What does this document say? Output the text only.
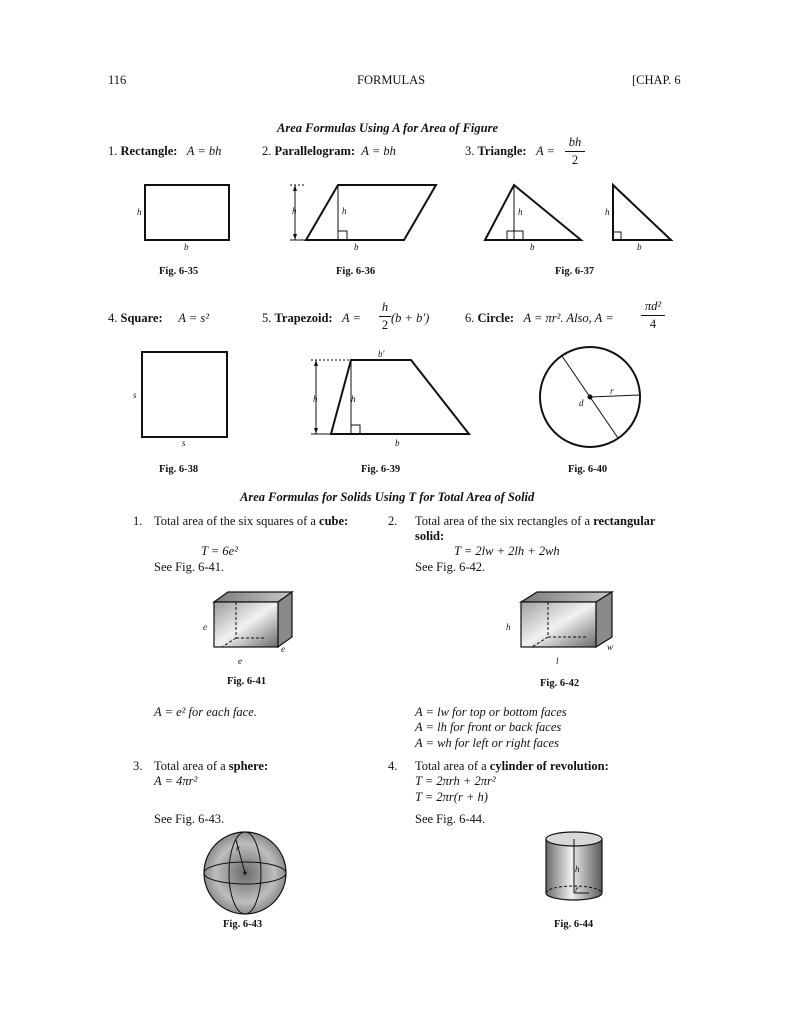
116	FORMULAS	[CHAP. 6
Area Formulas Using A for Area of Figure
1. Rectangle: A = bh	2. Parallelogram: A = bh	3. Triangle: A =
bh
2
h
b
Fig. 6-35
h	h
b
Fig. 6-36
h
b
h
b
Fig. 6-37
4. Square: A = s²	5. Trapezoid: A =
h
2 (b + b′)	6. Circle: A = πr². Also, A =
πd²
4
s
s
Fig. 6-38
b′
h	h
b
Fig. 6-39
r
d
Fig. 6-40
Area Formulas for Solids Using T for Total Area of Solid
1. Total area of the six squares of a cube:
T = 6e²
See Fig. 6-41.
2. Total area of the six rectangles of a rectangular
solid:
T = 2lw + 2lh + 2wh
See Fig. 6-42.
e
e
e
Fig. 6-41
h
l
w
Fig. 6-42
A = e² for each face.	A = lw for top or bottom faces
A = lh for front or back faces
A = wh for left or right faces
3. Total area of a sphere:
A = 4πr²
See Fig. 6-43.
4. Total area of a cylinder of revolution:
T = 2πrh + 2πr²
T = 2πr(r + h)
See Fig. 6-44.
r
Fig. 6-43
h
r
Fig. 6-44
